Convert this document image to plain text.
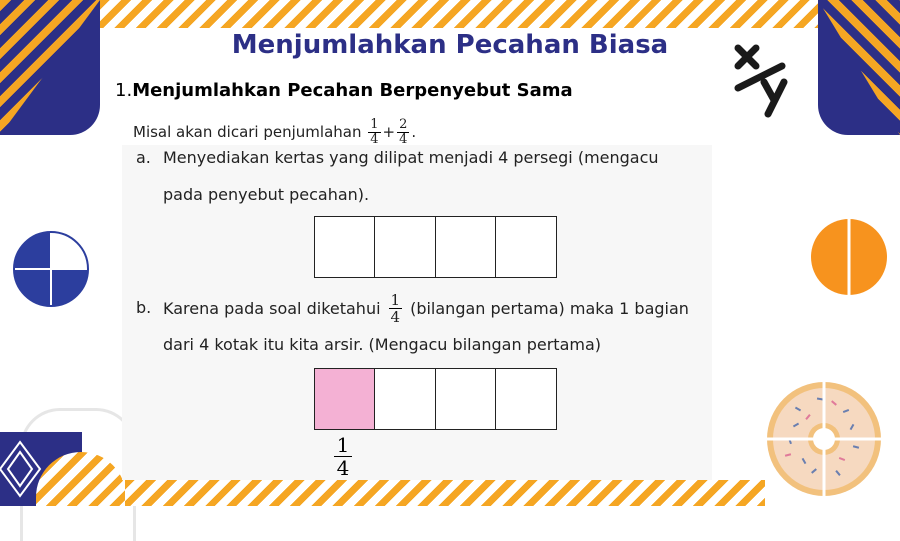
Menjumlahkan Pecahan Biasa
1.Menjumlahkan Pecahan Berpenyebut Sama
Misal akan dicari penjumlahan $\frac{1}{4} + \frac{2}{4}$ .
a. Menyediakan kertas yang dilipat menjadi 4 persegi (mengacu
pada penyebut pecahan).
b. Karena pada soal diketahui $\frac{1}{4}$ (bilangan pertama) maka 1 bagian
dari 4 kotak itu kita arsir. (Mengacu bilangan pertama)
$\frac{1}{4}$
